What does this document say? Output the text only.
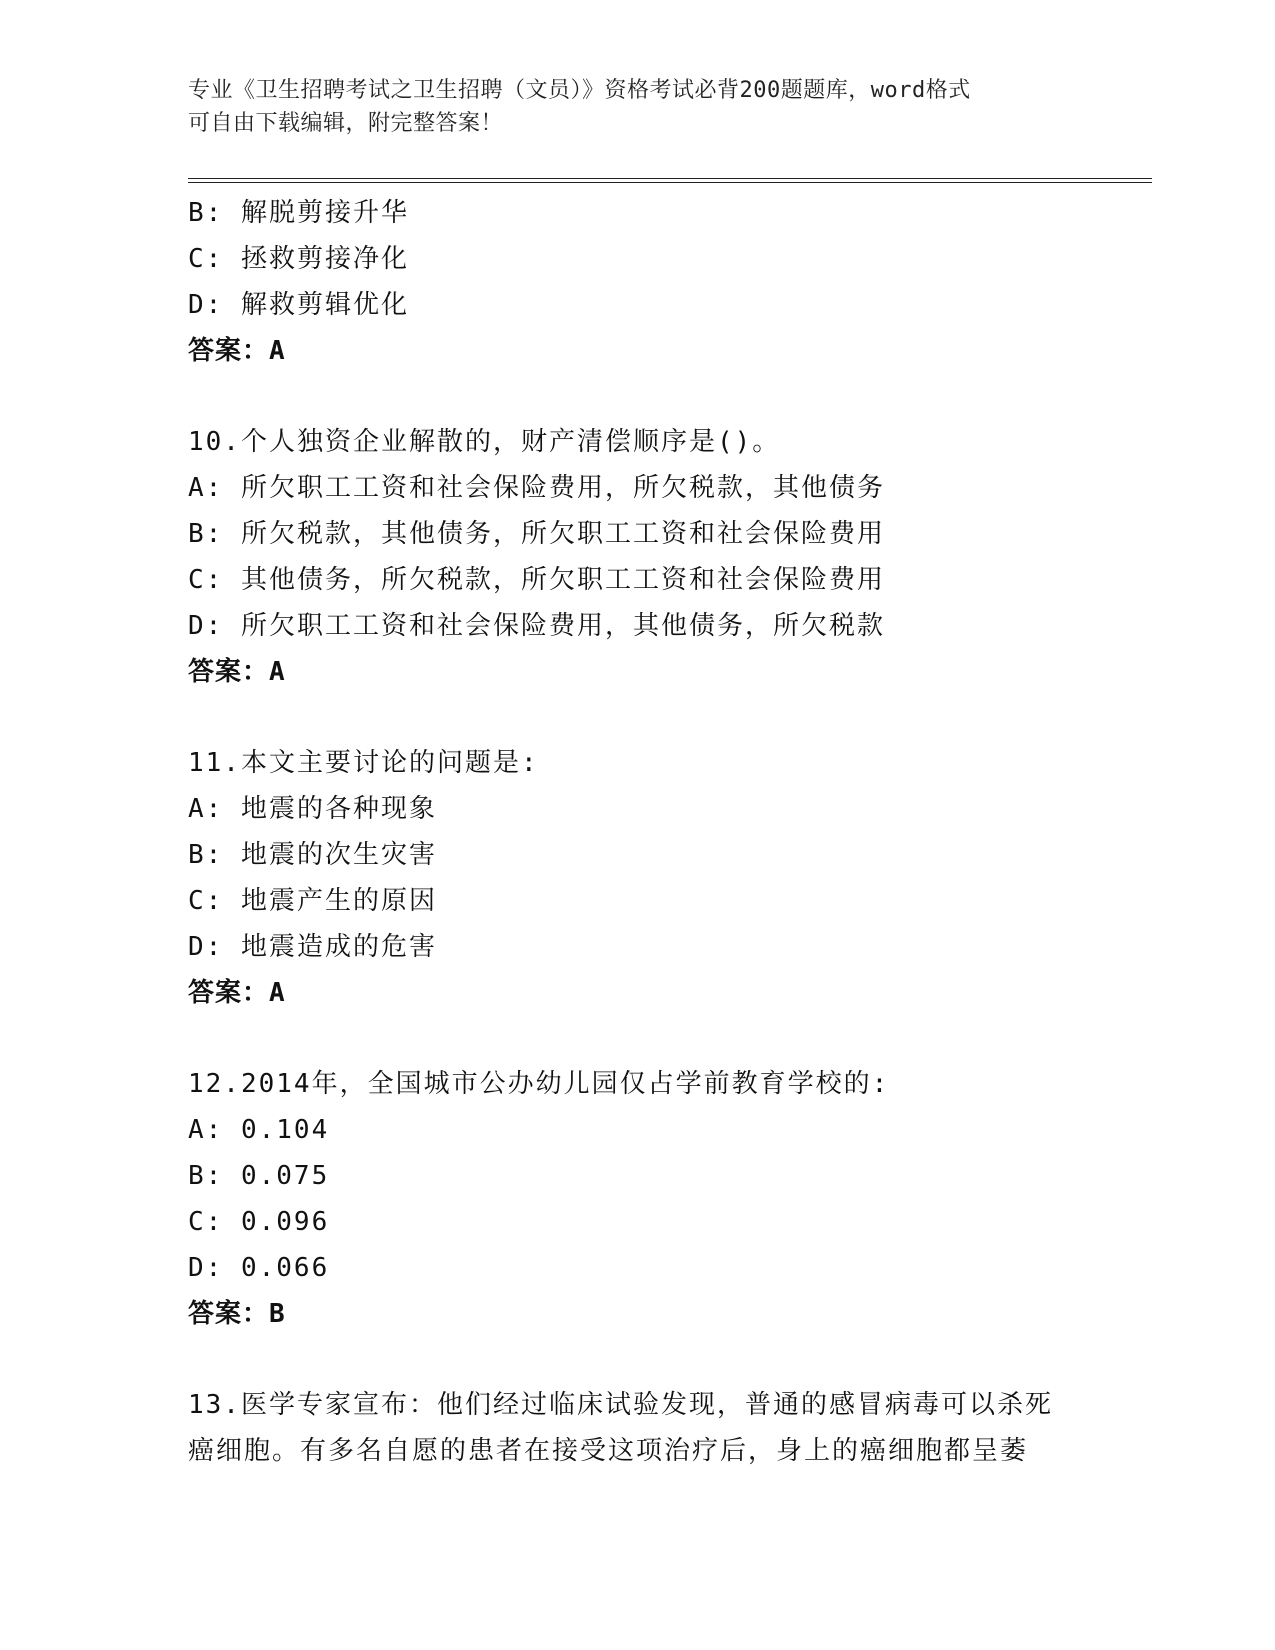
专业《卫生招聘考试之卫生招聘（文员）》资格考试必背200题题库，word格式
可自由下载编辑，附完整答案！
B: 解脱剪接升华
C: 拯救剪接净化
D: 解救剪辑优化
答案：A
10.个人独资企业解散的，财产清偿顺序是()。
A: 所欠职工工资和社会保险费用，所欠税款，其他债务
B: 所欠税款，其他债务，所欠职工工资和社会保险费用
C: 其他债务，所欠税款，所欠职工工资和社会保险费用
D: 所欠职工工资和社会保险费用，其他债务，所欠税款
答案：A
11.本文主要讨论的问题是:
A: 地震的各种现象
B: 地震的次生灾害
C: 地震产生的原因
D: 地震造成的危害
答案：A
12.2014年，全国城市公办幼儿园仅占学前教育学校的:
A: 0.104
B: 0.075
C: 0.096
D: 0.066
答案：B
13.医学专家宣布：他们经过临床试验发现，普通的感冒病毒可以杀死
癌细胞。有多名自愿的患者在接受这项治疗后，身上的癌细胞都呈萎
